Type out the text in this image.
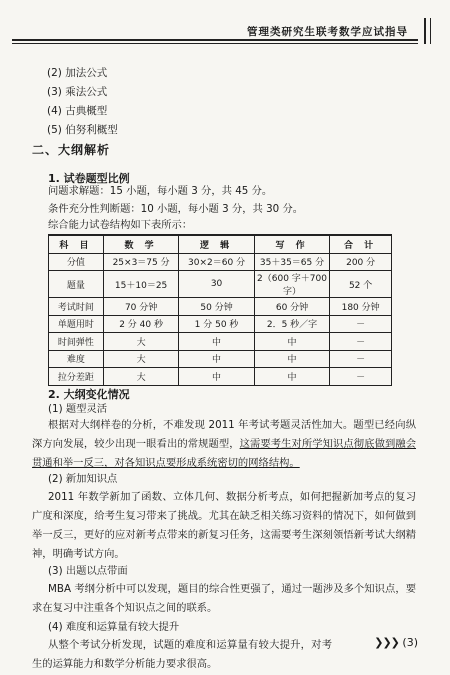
管理类研究生联考数学应试指导
(2) 加法公式
(3) 乘法公式
(4) 古典概型
(5) 伯努利概型
二、大纲解析
1. 试卷题型比例
问题求解题：15 小题，每小题 3 分，共 45 分。
条件充分性判断题：10 小题，每小题 3 分，共 30 分。
综合能力试卷结构如下表所示：
科 目	数 学	逻 辑	写 作	合 计
分值	25×3＝75 分	30×2＝60 分	35＋35＝65 分	200 分
题量	15＋10＝25	30	2（600 字＋700 字）	52 个
考试时间	70 分钟	50 分钟	60 分钟	180 分钟
单题用时	2 分 40 秒	1 分 50 秒	2．5 秒／字	－
时间弹性	大	中	中	－
难度	大	中	中	－
拉分差距	大	中	中	－
2. 大纲变化情况
(1) 题型灵活
根据对大纲样卷的分析，不难发现 2011 年考试考题灵活性加大。题型已经向纵深方向发展，较少出现一眼看出的常规题型，这需要考生对所学知识点彻底做到融会贯通和举一反三，对各知识点要形成系统密切的网络结构。
(2) 新加知识点
2011 年数学新加了函数、立体几何、数据分析考点，如何把握新加考点的复习广度和深度，给考生复习带来了挑战。尤其在缺乏相关练习资料的情况下，如何做到举一反三，更好的应对新考点带来的新复习任务，这需要考生深刻领悟新考试大纲精神，明确考试方向。
(3) 出题以点带面
MBA 考纲分析中可以发现，题目的综合性更强了，通过一题涉及多个知识点，要求在复习中注重各个知识点之间的联系。
(4) 难度和运算量有较大提升
从整个考试分析发现，试题的难度和运算量有较大提升，对考生的运算能力和数学分析能力要求很高。
❯❯❯ (3)
